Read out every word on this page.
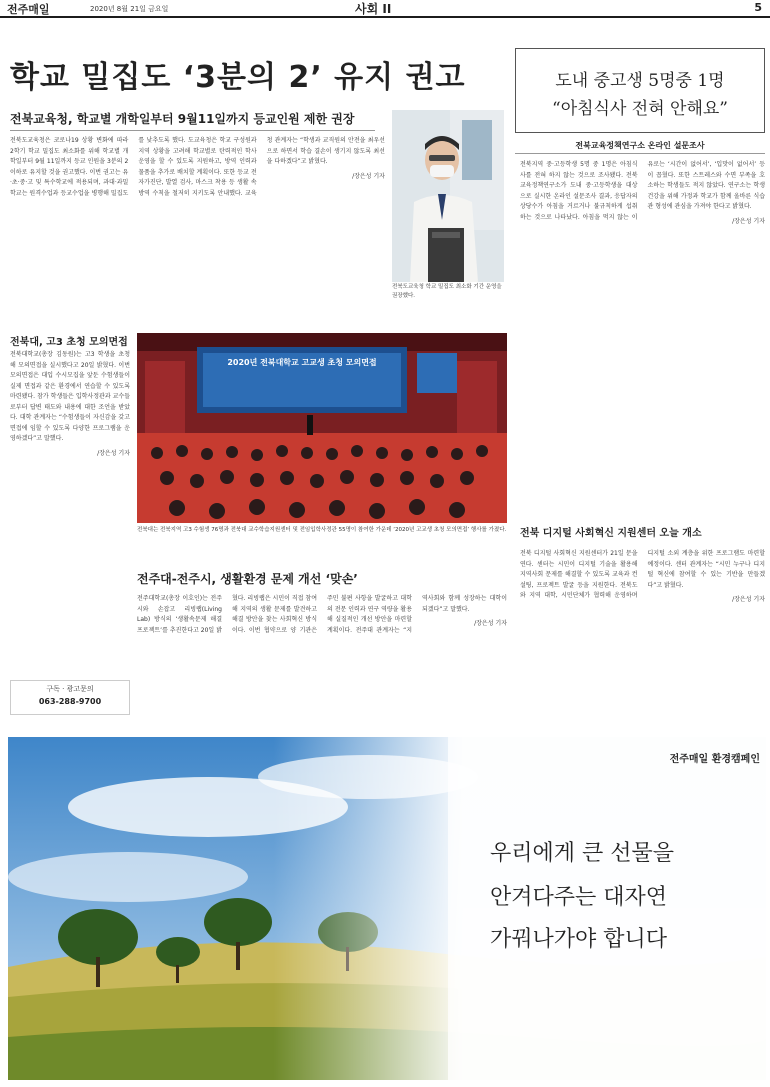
전주매일	2020년 8월 21일 금요일	사회 II	5
학교 밀집도 ‘3분의 2’ 유지 권고
전북교육청, 학교별 개학일부터 9월11일까지 등교인원 제한 권장
전북도교육청은 코로나19 상황 변화에 따라 2학기 학교 밀집도 최소화를 위해 학교별 개학일부터 9월 11일까지 등교 인원을 3분의 2 이하로 유지할 것을 권고했다. 이번 권고는 유·초·중·고 및 특수학교에 적용되며, 과대·과밀학교는 원격수업과 등교수업을 병행해 밀집도를 낮추도록 했다. 도교육청은 학교 구성원과 지역 상황을 고려해 학교별로 탄력적인 학사 운영을 할 수 있도록 지원하고, 방역 인력과 물품을 추가로 배치할 계획이다. 또한 등교 전 자가진단, 발열 검사, 마스크 착용 등 생활 속 방역 수칙을 철저히 지키도록 안내했다. 교육청 관계자는 “학생과 교직원의 안전을 최우선으로 하면서 학습 결손이 생기지 않도록 최선을 다하겠다”고 밝혔다.
/장은성 기자
전북도교육청 학교 밀집도 최소화 기간 운영을 권장했다.
도내 중고생 5명중 1명
“아침식사 전혀 안해요”
전북교육정책연구소 온라인 설문조사
전북지역 중·고등학생 5명 중 1명은 아침식사를 전혀 하지 않는 것으로 조사됐다. 전북교육정책연구소가 도내 중·고등학생을 대상으로 실시한 온라인 설문조사 결과, 응답자의 상당수가 아침을 거르거나 불규칙하게 섭취하는 것으로 나타났다. 아침을 먹지 않는 이유로는 ‘시간이 없어서’, ‘입맛이 없어서’ 등이 꼽혔다. 또한 스트레스와 수면 부족을 호소하는 학생들도 적지 않았다. 연구소는 학생 건강을 위해 가정과 학교가 함께 올바른 식습관 형성에 관심을 가져야 한다고 밝혔다.
/장은성 기자
전북대, 고3 초청 모의면접
전북대학교(총장 김동원)는 고3 학생을 초청해 모의면접을 실시했다고 20일 밝혔다. 이번 모의면접은 대입 수시모집을 앞둔 수험생들이 실제 면접과 같은 환경에서 연습할 수 있도록 마련됐다. 참가 학생들은 입학사정관과 교수들로부터 답변 태도와 내용에 대한 조언을 받았다. 대학 관계자는 “수험생들이 자신감을 갖고 면접에 임할 수 있도록 다양한 프로그램을 운영하겠다”고 말했다.
/장은성 기자
구독 · 광고문의
063-288-9700
2020년 전북대학교 고교생 초청 모의면접
전북대는 전북지역 고3 수험생 76명과 전북대 교수학습지원센터 및 전임입학사정관 55명이 참여한 가운데 ‘2020년 고교생 초청 모의면접’ 행사를 가졌다.
전주대-전주시, 생활환경 문제 개선 ‘맞손’
전주대학교(총장 이호인)는 전주시와 손잡고 리빙랩(Living Lab) 방식의 ‘생활속문제 해결 프로젝트’를 추진한다고 20일 밝혔다. 리빙랩은 시민이 직접 참여해 지역의 생활 문제를 발견하고 해결 방안을 찾는 사회혁신 방식이다. 이번 협약으로 양 기관은 주민 불편 사항을 발굴하고 대학의 전문 인력과 연구 역량을 활용해 실질적인 개선 방안을 마련할 계획이다. 전주대 관계자는 “지역사회와 함께 성장하는 대학이 되겠다”고 말했다.
/장은성 기자
전북 디지털 사회혁신 지원센터 오늘 개소
전북 디지털 사회혁신 지원센터가 21일 문을 연다. 센터는 시민이 디지털 기술을 활용해 지역사회 문제를 해결할 수 있도록 교육과 컨설팅, 프로젝트 발굴 등을 지원한다. 전북도와 지역 대학, 시민단체가 협력해 운영하며 디지털 소외 계층을 위한 프로그램도 마련할 예정이다. 센터 관계자는 “시민 누구나 디지털 혁신에 참여할 수 있는 기반을 만들겠다”고 밝혔다.
/장은성 기자
전주매일 환경캠페인
우리에게 큰 선물을
안겨다주는 대자연
가꿔나가야 합니다
